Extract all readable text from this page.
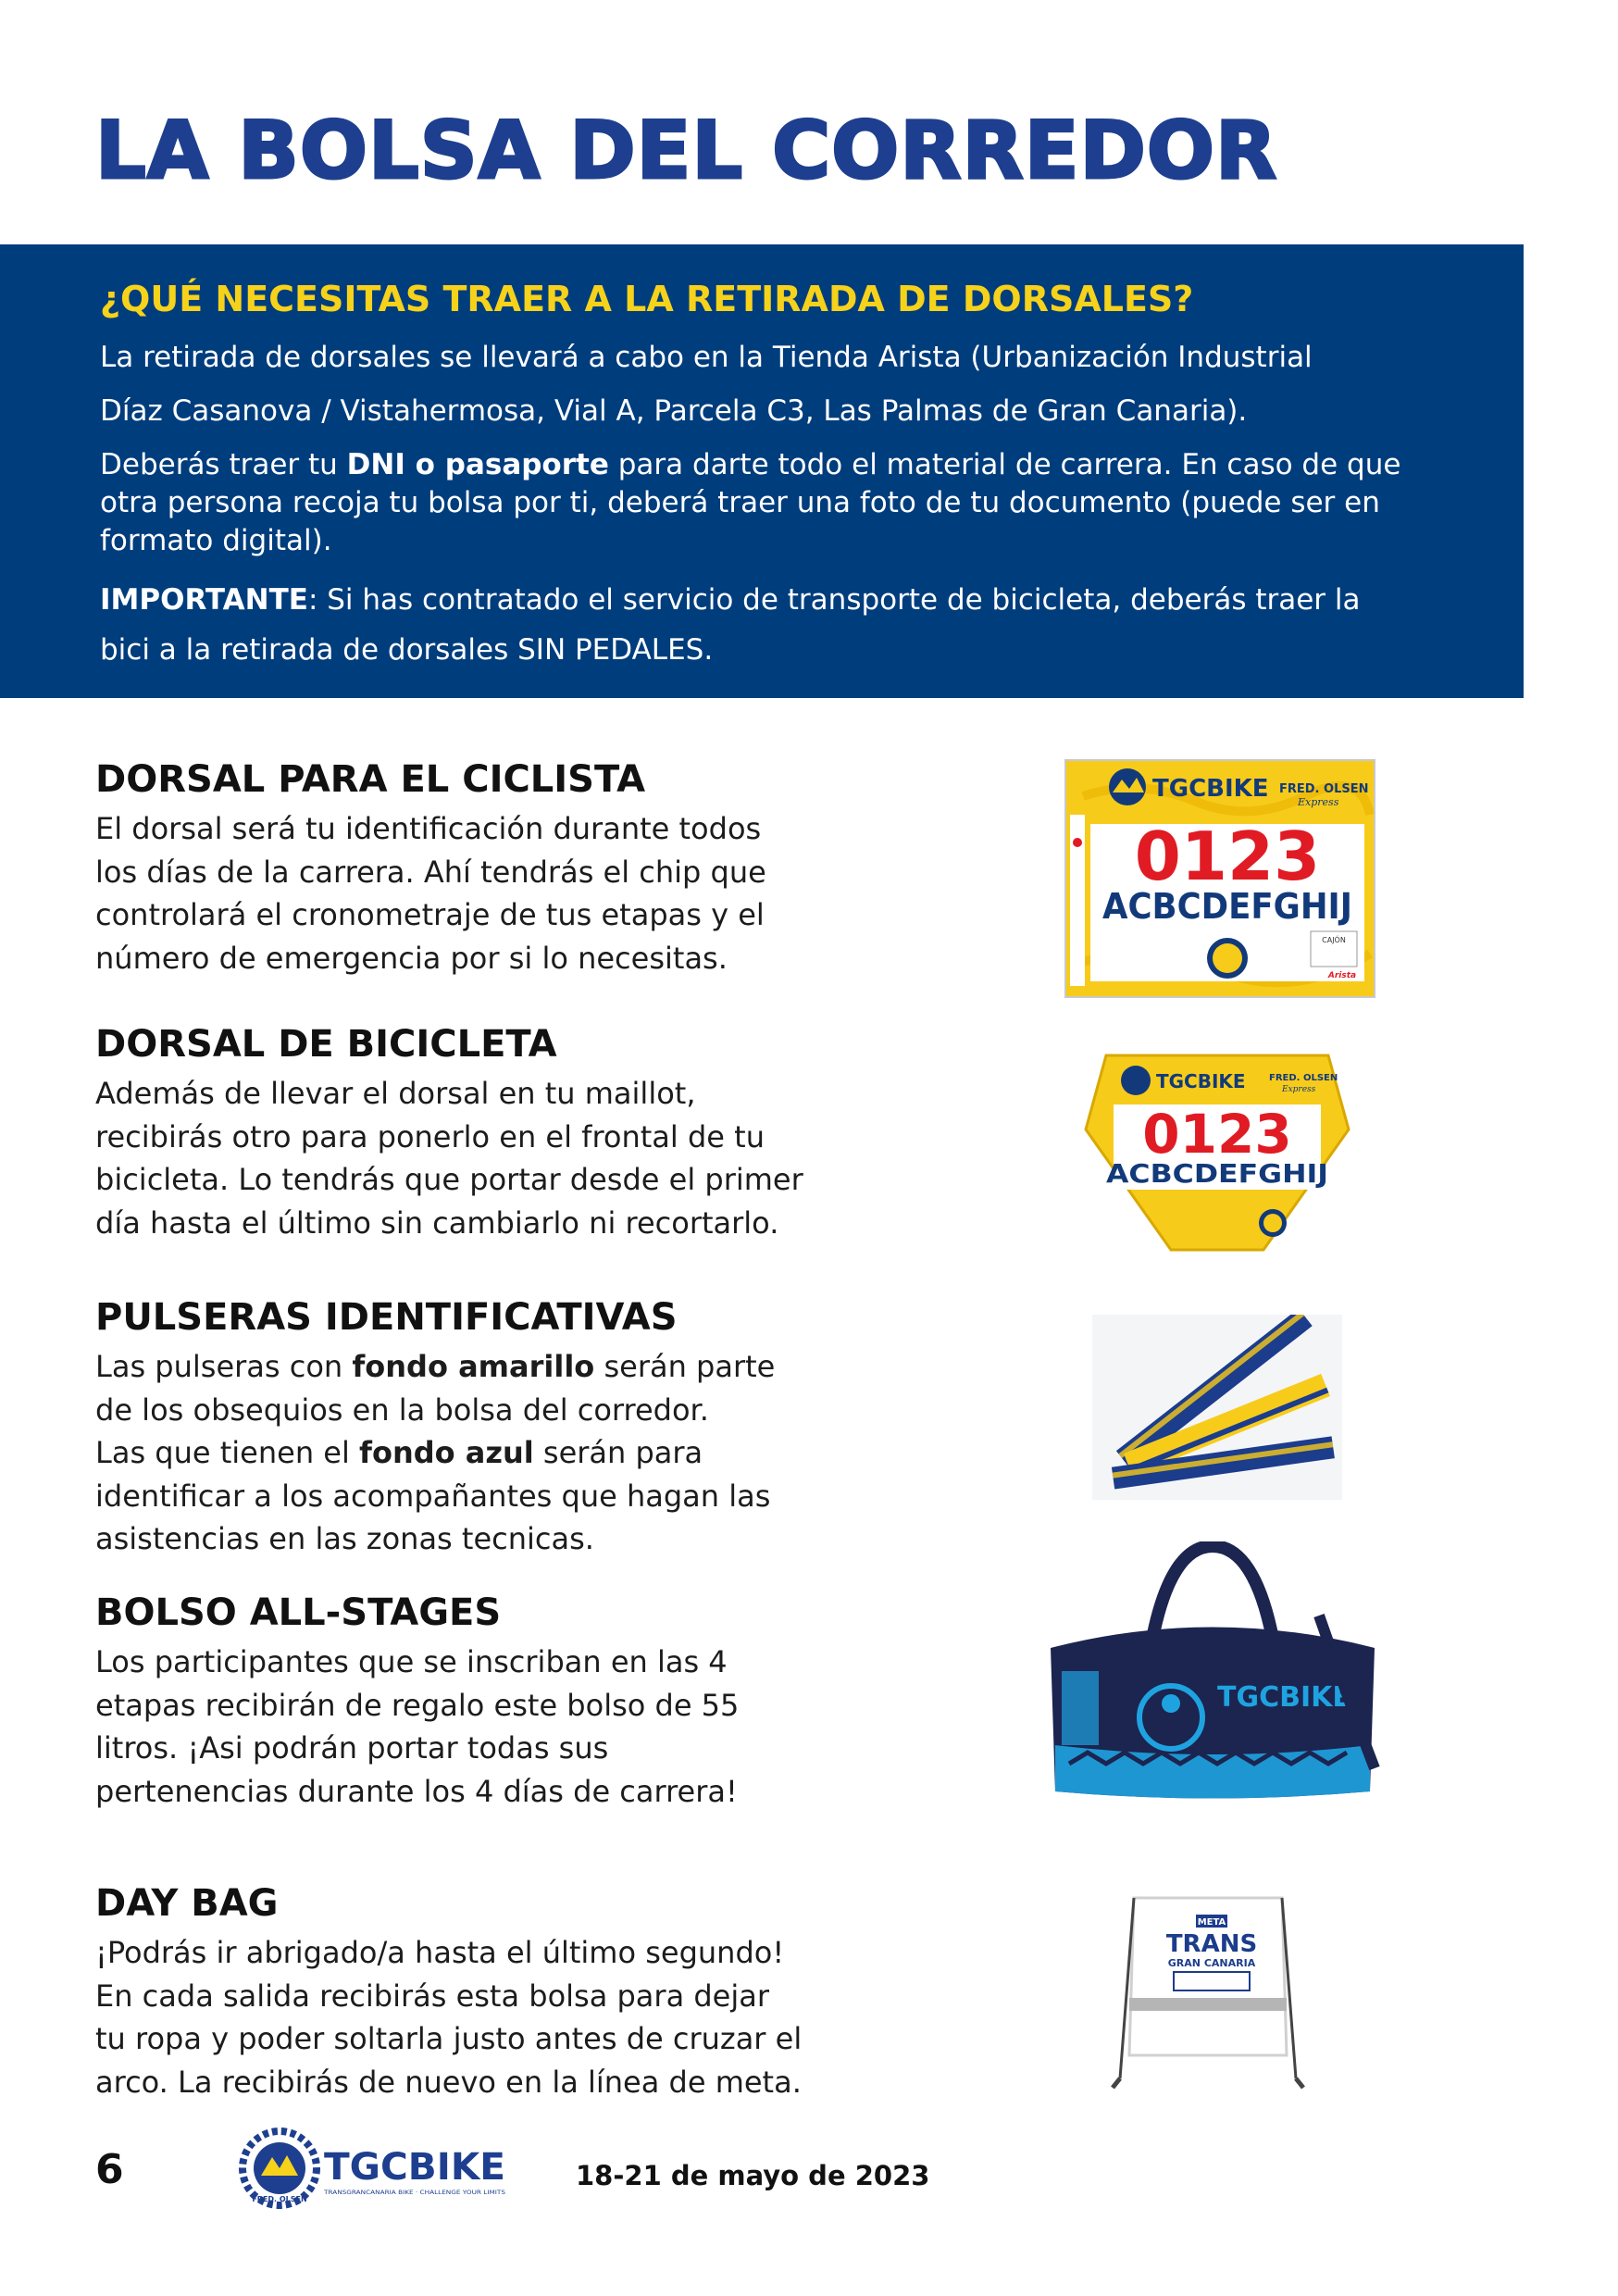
LA BOLSA DEL CORREDOR
¿QUÉ NECESITAS TRAER A LA RETIRADA DE DORSALES?
La retirada de dorsales se llevará a cabo en la Tienda Arista (Urbanización Industrial
Díaz Casanova / Vistahermosa, Vial A, Parcela C3, Las Palmas de Gran Canaria).
Deberás traer tu DNI o pasaporte para darte todo el material de carrera. En caso de que
otra persona recoja tu bolsa por ti, deberá traer una foto de tu documento (puede ser en
formato digital).
IMPORTANTE: Si has contratado el servicio de transporte de bicicleta, deberás traer la
bici a la retirada de dorsales SIN PEDALES.
DORSAL PARA EL CICLISTA

El dorsal será tu identificación durante todos
los días de la carrera. Ahí tendrás el chip que
controlará el cronometraje de tus etapas y el
número de emergencia por si lo necesitas.

DORSAL DE BICICLETA

Además de llevar el dorsal en tu maillot,
recibirás otro para ponerlo en el frontal de tu
bicicleta. Lo tendrás que portar desde el primer
día hasta el último sin cambiarlo ni recortarlo.

PULSERAS IDENTIFICATIVAS

Las pulseras con fondo amarillo serán parte
de los obsequios en la bolsa del corredor.
Las que tienen el fondo azul serán para
identificar a los acompañantes que hagan las
asistencias en las zonas tecnicas.

BOLSO ALL-STAGES

Los participantes que se inscriban en las 4
etapas recibirán de regalo este bolso de 55
litros. ¡Asi podrán portar todas sus
pertenencias durante los 4 días de carrera!

DAY BAG

¡Podrás ir abrigado/a hasta el último segundo!
En cada salida recibirás esta bolsa para dejar
tu ropa y poder soltarla justo antes de cruzar el
arco. La recibirás de nuevo en la línea de meta.

TGCBIKE FRED. OLSEN
Express
0123
ACBCDEFGHIJ
CAJÓN
Arista
TGCBIKE	FRED. OLSEN
Express
0123
ACBCDEFGHIJ
TGCBIKE
META
TRANS
GRAN CANARIA
6
FRED. OLSEN
TGCBIKE
TRANSGRANCANARIA BIKE · CHALLENGE YOUR LIMITS
18-21 de mayo de 2023
